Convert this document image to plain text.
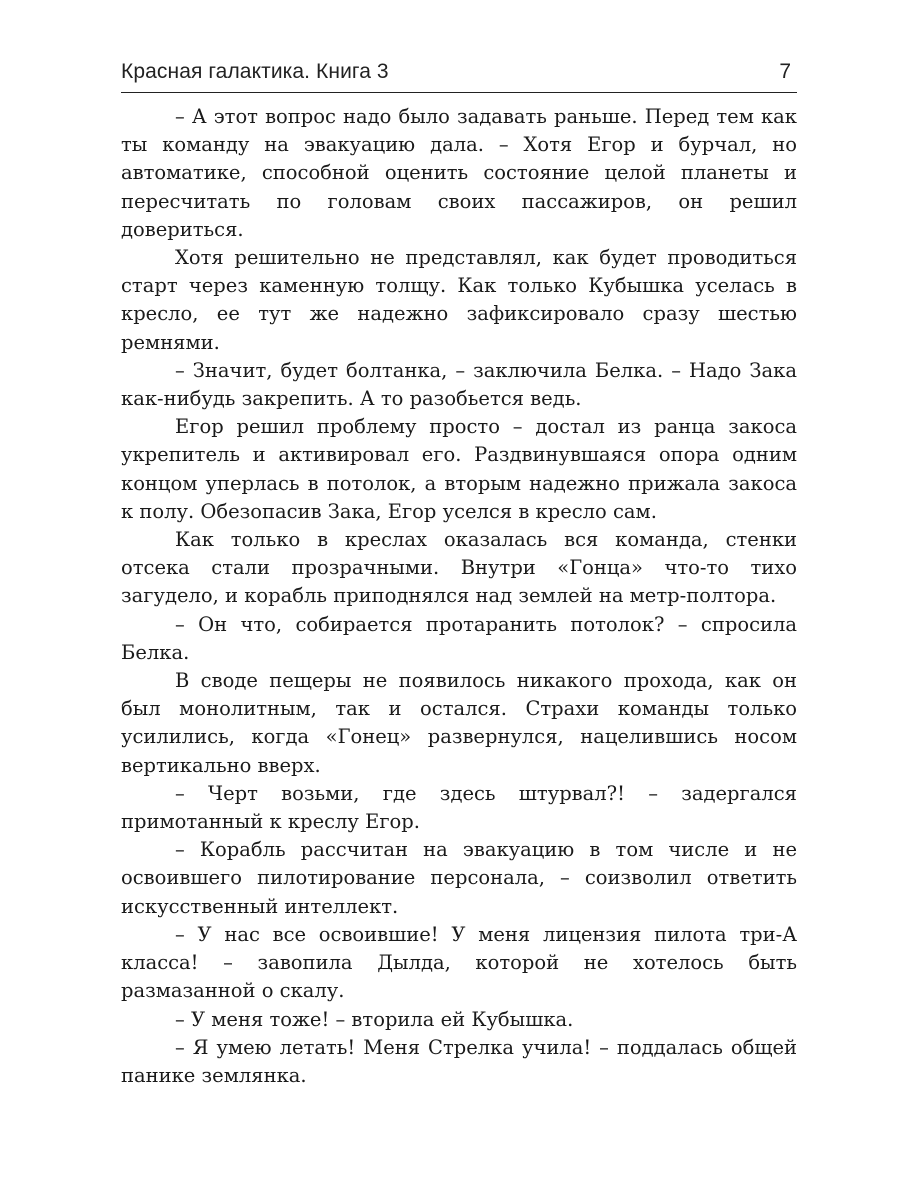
Красная галактика. Книга 3	7

– А этот вопрос надо было задавать раньше. Перед тем как ты команду на эвакуацию дала. – Хотя Егор и бурчал, но автоматике, способной оценить состояние целой планеты и пересчитать по головам своих пассажиров, он решил довериться.

Хотя решительно не представлял, как будет проводиться старт через каменную толщу. Как только Кубышка уселась в кресло, ее тут же надежно зафиксировало сразу шестью ремнями.

– Значит, будет болтанка, – заключила Белка. – Надо Зака как-нибудь закрепить. А то разобьется ведь.

Егор решил проблему просто – достал из ранца закоса укрепитель и активировал его. Раздвинувшаяся опора одним концом уперлась в потолок, а вторым надежно прижала закоса к полу. Обезопасив Зака, Егор уселся в кресло сам.

Как только в креслах оказалась вся команда, стенки отсека стали прозрачными. Внутри «Гонца» что-то тихо загудело, и корабль приподнялся над землей на метр-полтора.

– Он что, собирается протаранить потолок? – спросила Белка.

В своде пещеры не появилось никакого прохода, как он был монолитным, так и остался. Страхи команды только усилились, когда «Гонец» развернулся, нацелившись носом вертикально вверх.

– Черт возьми, где здесь штурвал?! – задергался примотанный к креслу Егор.

– Корабль рассчитан на эвакуацию в том числе и не освоившего пилотирование персонала, – соизволил ответить искусственный интеллект.

– У нас все освоившие! У меня лицензия пилота три-А класса! – завопила Дылда, которой не хотелось быть размазанной о скалу.

– У меня тоже! – вторила ей Кубышка.

– Я умею летать! Меня Стрелка учила! – поддалась общей панике землянка.
